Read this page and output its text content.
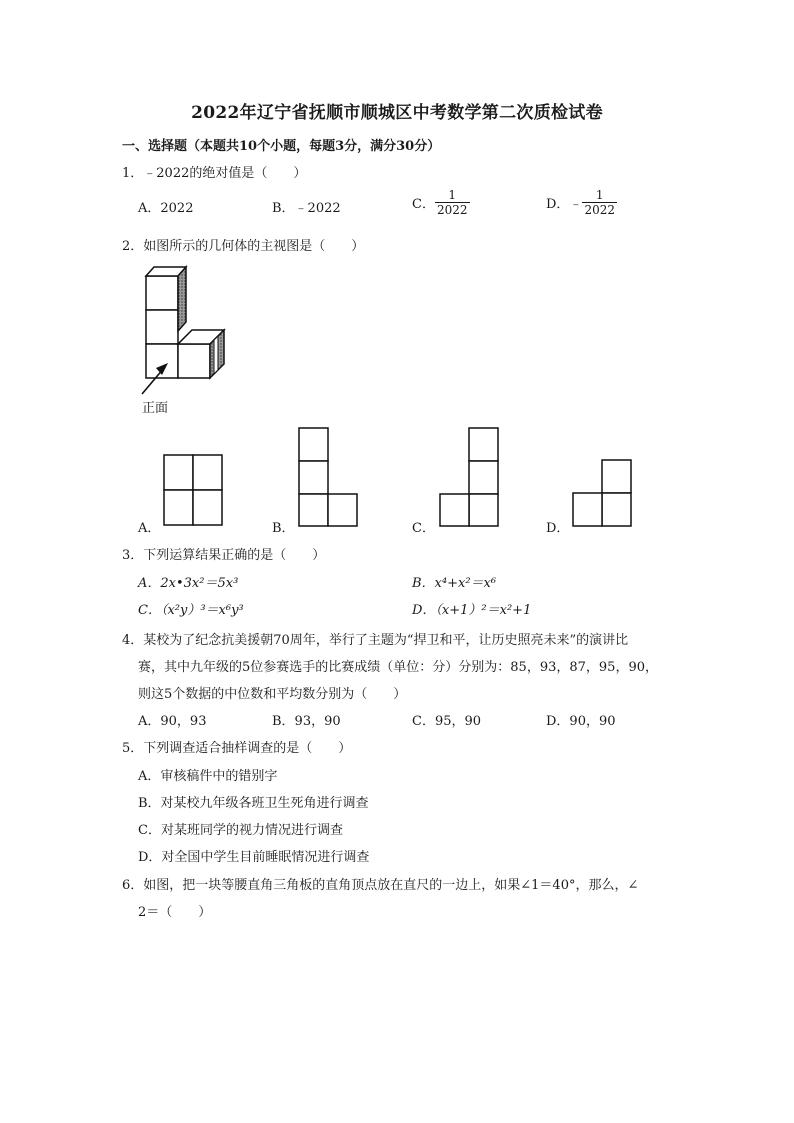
2022年辽宁省抚顺市顺城区中考数学第二次质检试卷
一、选择题（本题共10个小题，每题3分，满分30分）
1．﹣2022的绝对值是（　　）
A．2022	B．﹣2022	C． $\frac{1}{2022}$	D．﹣ $\frac{1}{2022}$
2．如图所示的几何体的主视图是（　　）
正面
A．	B．	C．	D．
3．下列运算结果正确的是（　　）
A．2x•3x²＝5x³	B．x⁴+x²＝x⁶
C．（x²y）³＝x⁶y³	D．（x+1）²＝x²+1
4．某校为了纪念抗美援朝70周年，举行了主题为“捍卫和平，让历史照亮未来”的演讲比
赛，其中九年级的5位参赛选手的比赛成绩（单位：分）分别为：85，93，87，95，90，
则这5个数据的中位数和平均数分别为（　　）
A．90，93	B．93，90	C．95，90	D．90，90
5．下列调查适合抽样调查的是（　　）
A．审核稿件中的错别字
B．对某校九年级各班卫生死角进行调查
C．对某班同学的视力情况进行调查
D．对全国中学生目前睡眠情况进行调查
6．如图，把一块等腰直角三角板的直角顶点放在直尺的一边上，如果∠1＝40°，那么，∠
2＝（　　）
